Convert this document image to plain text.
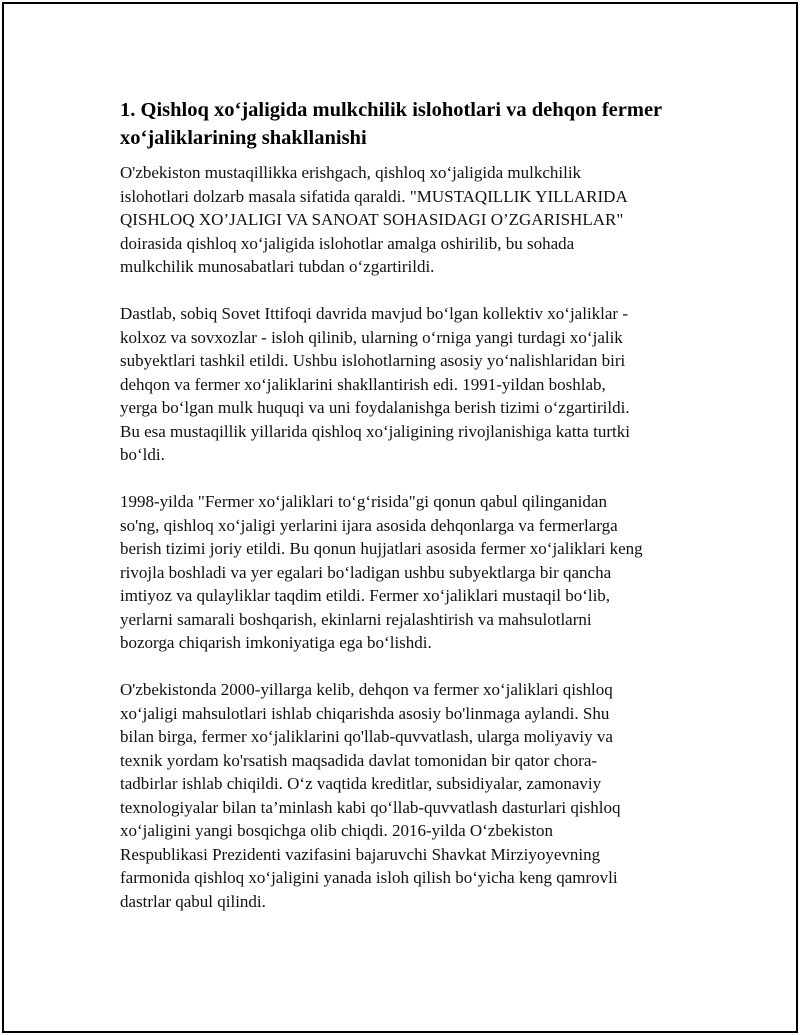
1. Qishloq xo‘jaligida mulkchilik islohotlari va dehqon fermer xo‘jaliklarining shakllanishi

O'zbekiston mustaqillikka erishgach, qishloq xo‘jaligida mulkchilik
islohotlari dolzarb masala sifatida qaraldi. "MUSTAQILLIK YILLARIDA
QISHLOQ XO’JALIGI VA SANOAT SOHASIDAGI O’ZGARISHLAR"
doirasida qishloq xo‘jaligida islohotlar amalga oshirilib, bu sohada
mulkchilik munosabatlari tubdan o‘zgartirildi.

Dastlab, sobiq Sovet Ittifoqi davrida mavjud bo‘lgan kollektiv xo‘jaliklar -
kolxoz va sovxozlar - isloh qilinib, ularning o‘rniga yangi turdagi xo‘jalik
subyektlari tashkil etildi. Ushbu islohotlarning asosiy yo‘nalishlaridan biri
dehqon va fermer xo‘jaliklarini shakllantirish edi. 1991-yildan boshlab,
yerga bo‘lgan mulk huquqi va uni foydalanishga berish tizimi o‘zgartirildi.
Bu esa mustaqillik yillarida qishloq xo‘jaligining rivojlanishiga katta turtki
bo‘ldi.

1998-yilda "Fermer xo‘jaliklari to‘g‘risida"gi qonun qabul qilinganidan
so'ng, qishloq xo‘jaligi yerlarini ijara asosida dehqonlarga va fermerlarga
berish tizimi joriy etildi. Bu qonun hujjatlari asosida fermer xo‘jaliklari keng
rivojla boshladi va yer egalari bo‘ladigan ushbu subyektlarga bir qancha
imtiyoz va qulayliklar taqdim etildi. Fermer xo‘jaliklari mustaqil bo‘lib,
yerlarni samarali boshqarish, ekinlarni rejalashtirish va mahsulotlarni
bozorga chiqarish imkoniyatiga ega bo‘lishdi.

O'zbekistonda 2000-yillarga kelib, dehqon va fermer xo‘jaliklari qishloq
xo‘jaligi mahsulotlari ishlab chiqarishda asosiy bo'linmaga aylandi. Shu
bilan birga, fermer xo‘jaliklarini qo'llab-quvvatlash, ularga moliyaviy va
texnik yordam ko'rsatish maqsadida davlat tomonidan bir qator chora-
tadbirlar ishlab chiqildi. O‘z vaqtida kreditlar, subsidiyalar, zamonaviy
texnologiyalar bilan ta’minlash kabi qo‘llab-quvvatlash dasturlari qishloq
xo‘jaligini yangi bosqichga olib chiqdi. 2016-yilda O‘zbekiston
Respublikasi Prezidenti vazifasini bajaruvchi Shavkat Mirziyoyevning
farmonida qishloq xo‘jaligini yanada isloh qilish bo‘yicha keng qamrovli
dastrlar qabul qilindi.
